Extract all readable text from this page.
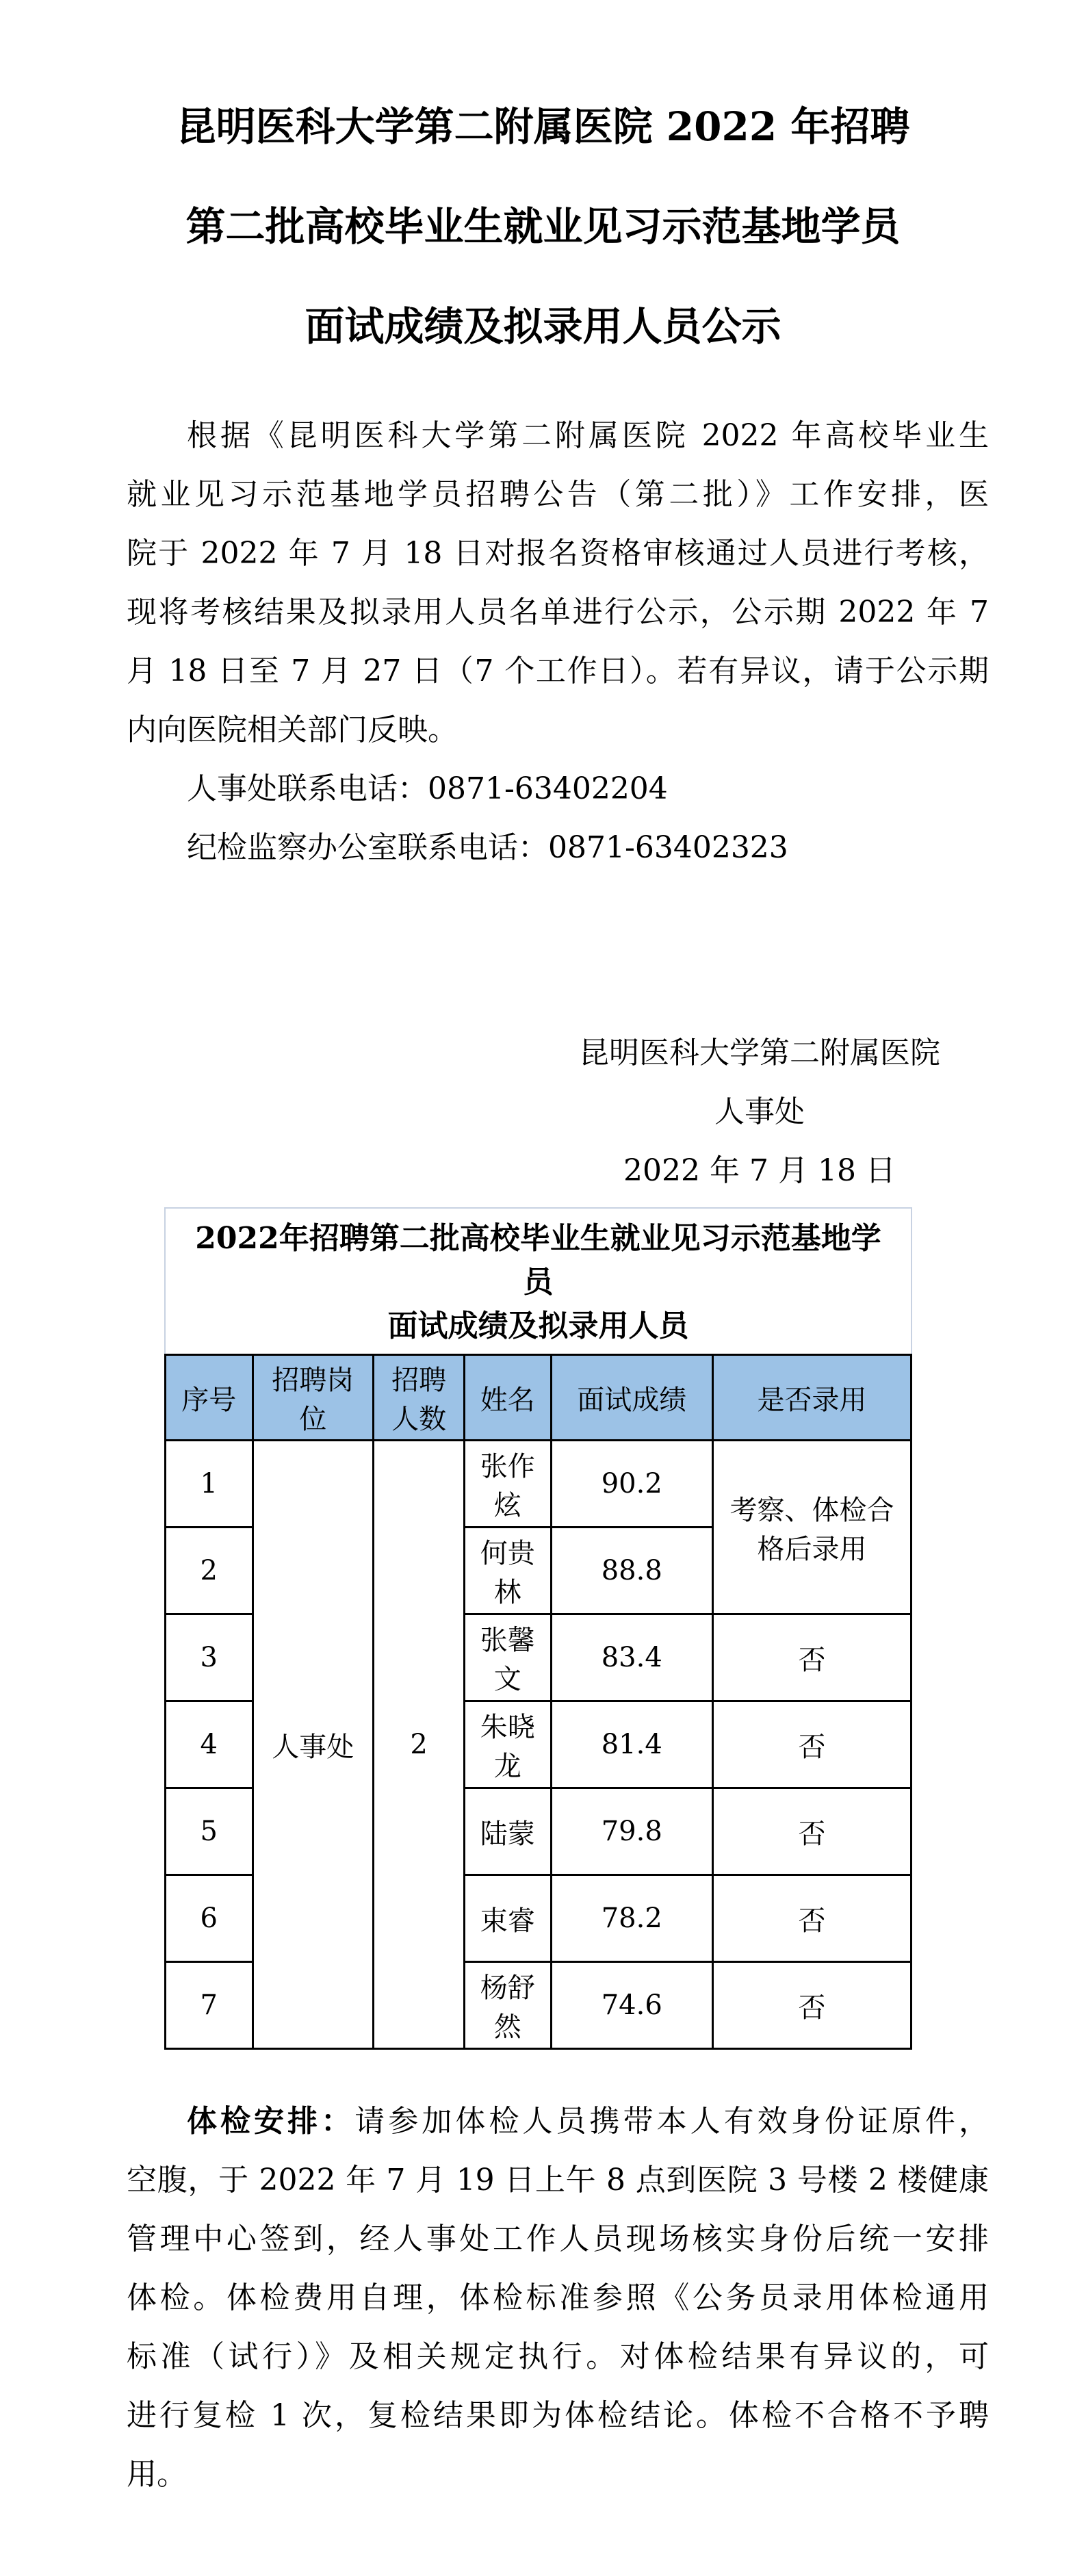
昆明医科大学第二附属医院 2022 年招聘
第二批高校毕业生就业见习示范基地学员
面试成绩及拟录用人员公示
根据《昆明医科大学第二附属医院 2022 年高校毕业生
就业见习示范基地学员招聘公告（第二批）》工作安排，医
院于 2022 年 7 月 18 日对报名资格审核通过人员进行考核，
现将考核结果及拟录用人员名单进行公示，公示期 2022 年 7
月 18 日至 7 月 27 日（7 个工作日）。若有异议，请于公示期
内向医院相关部门反映。
人事处联系电话：0871-63402204
纪检监察办公室联系电话：0871-63402323
昆明医科大学第二附属医院
人事处
2022 年 7 月 18 日
2022年招聘第二批高校毕业生就业见习示范基地学员
面试成绩及拟录用人员
序号	招聘岗位	招聘人数	姓名	面试成绩	是否录用
1	人事处	2	张作炫	90.2	考察、体检合格后录用
2			何贵林	88.8	
3			张馨文	83.4	否
4			朱晓龙	81.4	否
5			陆蒙	79.8	否
6			束睿	78.2	否
7			杨舒然	74.6	否
体检安排：请参加体检人员携带本人有效身份证原件，
空腹，于 2022 年 7 月 19 日上午 8 点到医院 3 号楼 2 楼健康
管理中心签到，经人事处工作人员现场核实身份后统一安排
体检。体检费用自理，体检标准参照《公务员录用体检通用
标准（试行）》及相关规定执行。对体检结果有异议的，可
进行复检 1 次，复检结果即为体检结论。体检不合格不予聘
用。
